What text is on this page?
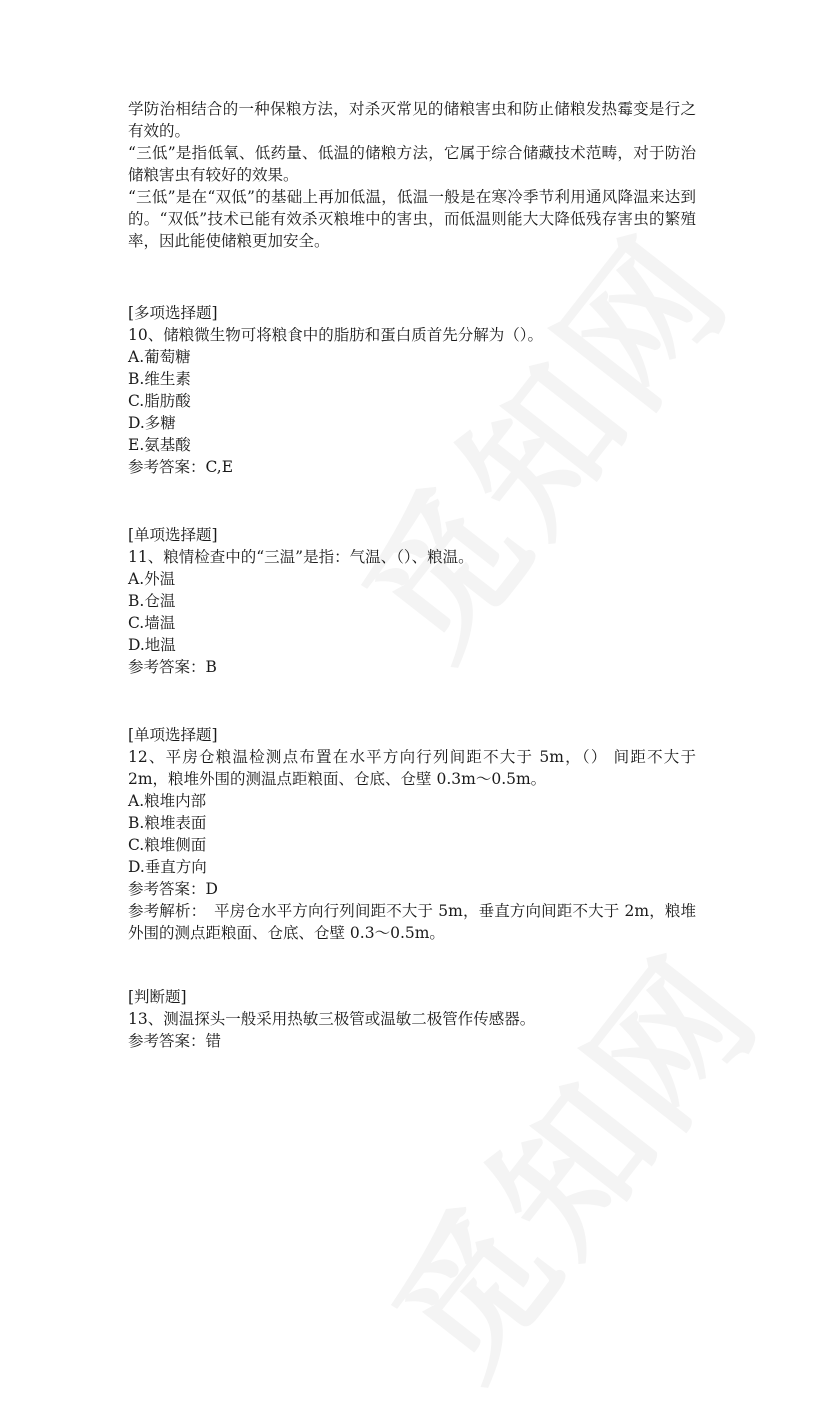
学防治相结合的一种保粮方法，对杀灭常见的储粮害虫和防止储粮发热霉变是行之有效的。

“三低”是指低氧、低药量、低温的储粮方法，它属于综合储藏技术范畴，对于防治储粮害虫有较好的效果。

“三低”是在“双低”的基础上再加低温，低温一般是在寒冷季节利用通风降温来达到的。“双低”技术已能有效杀灭粮堆中的害虫，而低温则能大大降低残存害虫的繁殖率，因此能使储粮更加安全。

[多项选择题]

10、储粮微生物可将粮食中的脂肪和蛋白质首先分解为（）。

A.葡萄糖

B.维生素

C.脂肪酸

D.多糖

E.氨基酸

参考答案：C,E

[单项选择题]

11、粮情检查中的“三温”是指：气温、（）、粮温。

A.外温

B.仓温

C.墙温

D.地温

参考答案：B

[单项选择题]

12、平房仓粮温检测点布置在水平方向行列间距不大于 5m，（） 间距不大于 2m，粮堆外围的测温点距粮面、仓底、仓壁 0.3m～0.5m。

A.粮堆内部

B.粮堆表面

C.粮堆侧面

D.垂直方向

参考答案：D

参考解析：　平房仓水平方向行列间距不大于 5m，垂直方向间距不大于 2m，粮堆外围的测点距粮面、仓底、仓壁 0.3～0.5m。

[判断题]

13、测温探头一般采用热敏三极管或温敏二极管作传感器。

参考答案：错
